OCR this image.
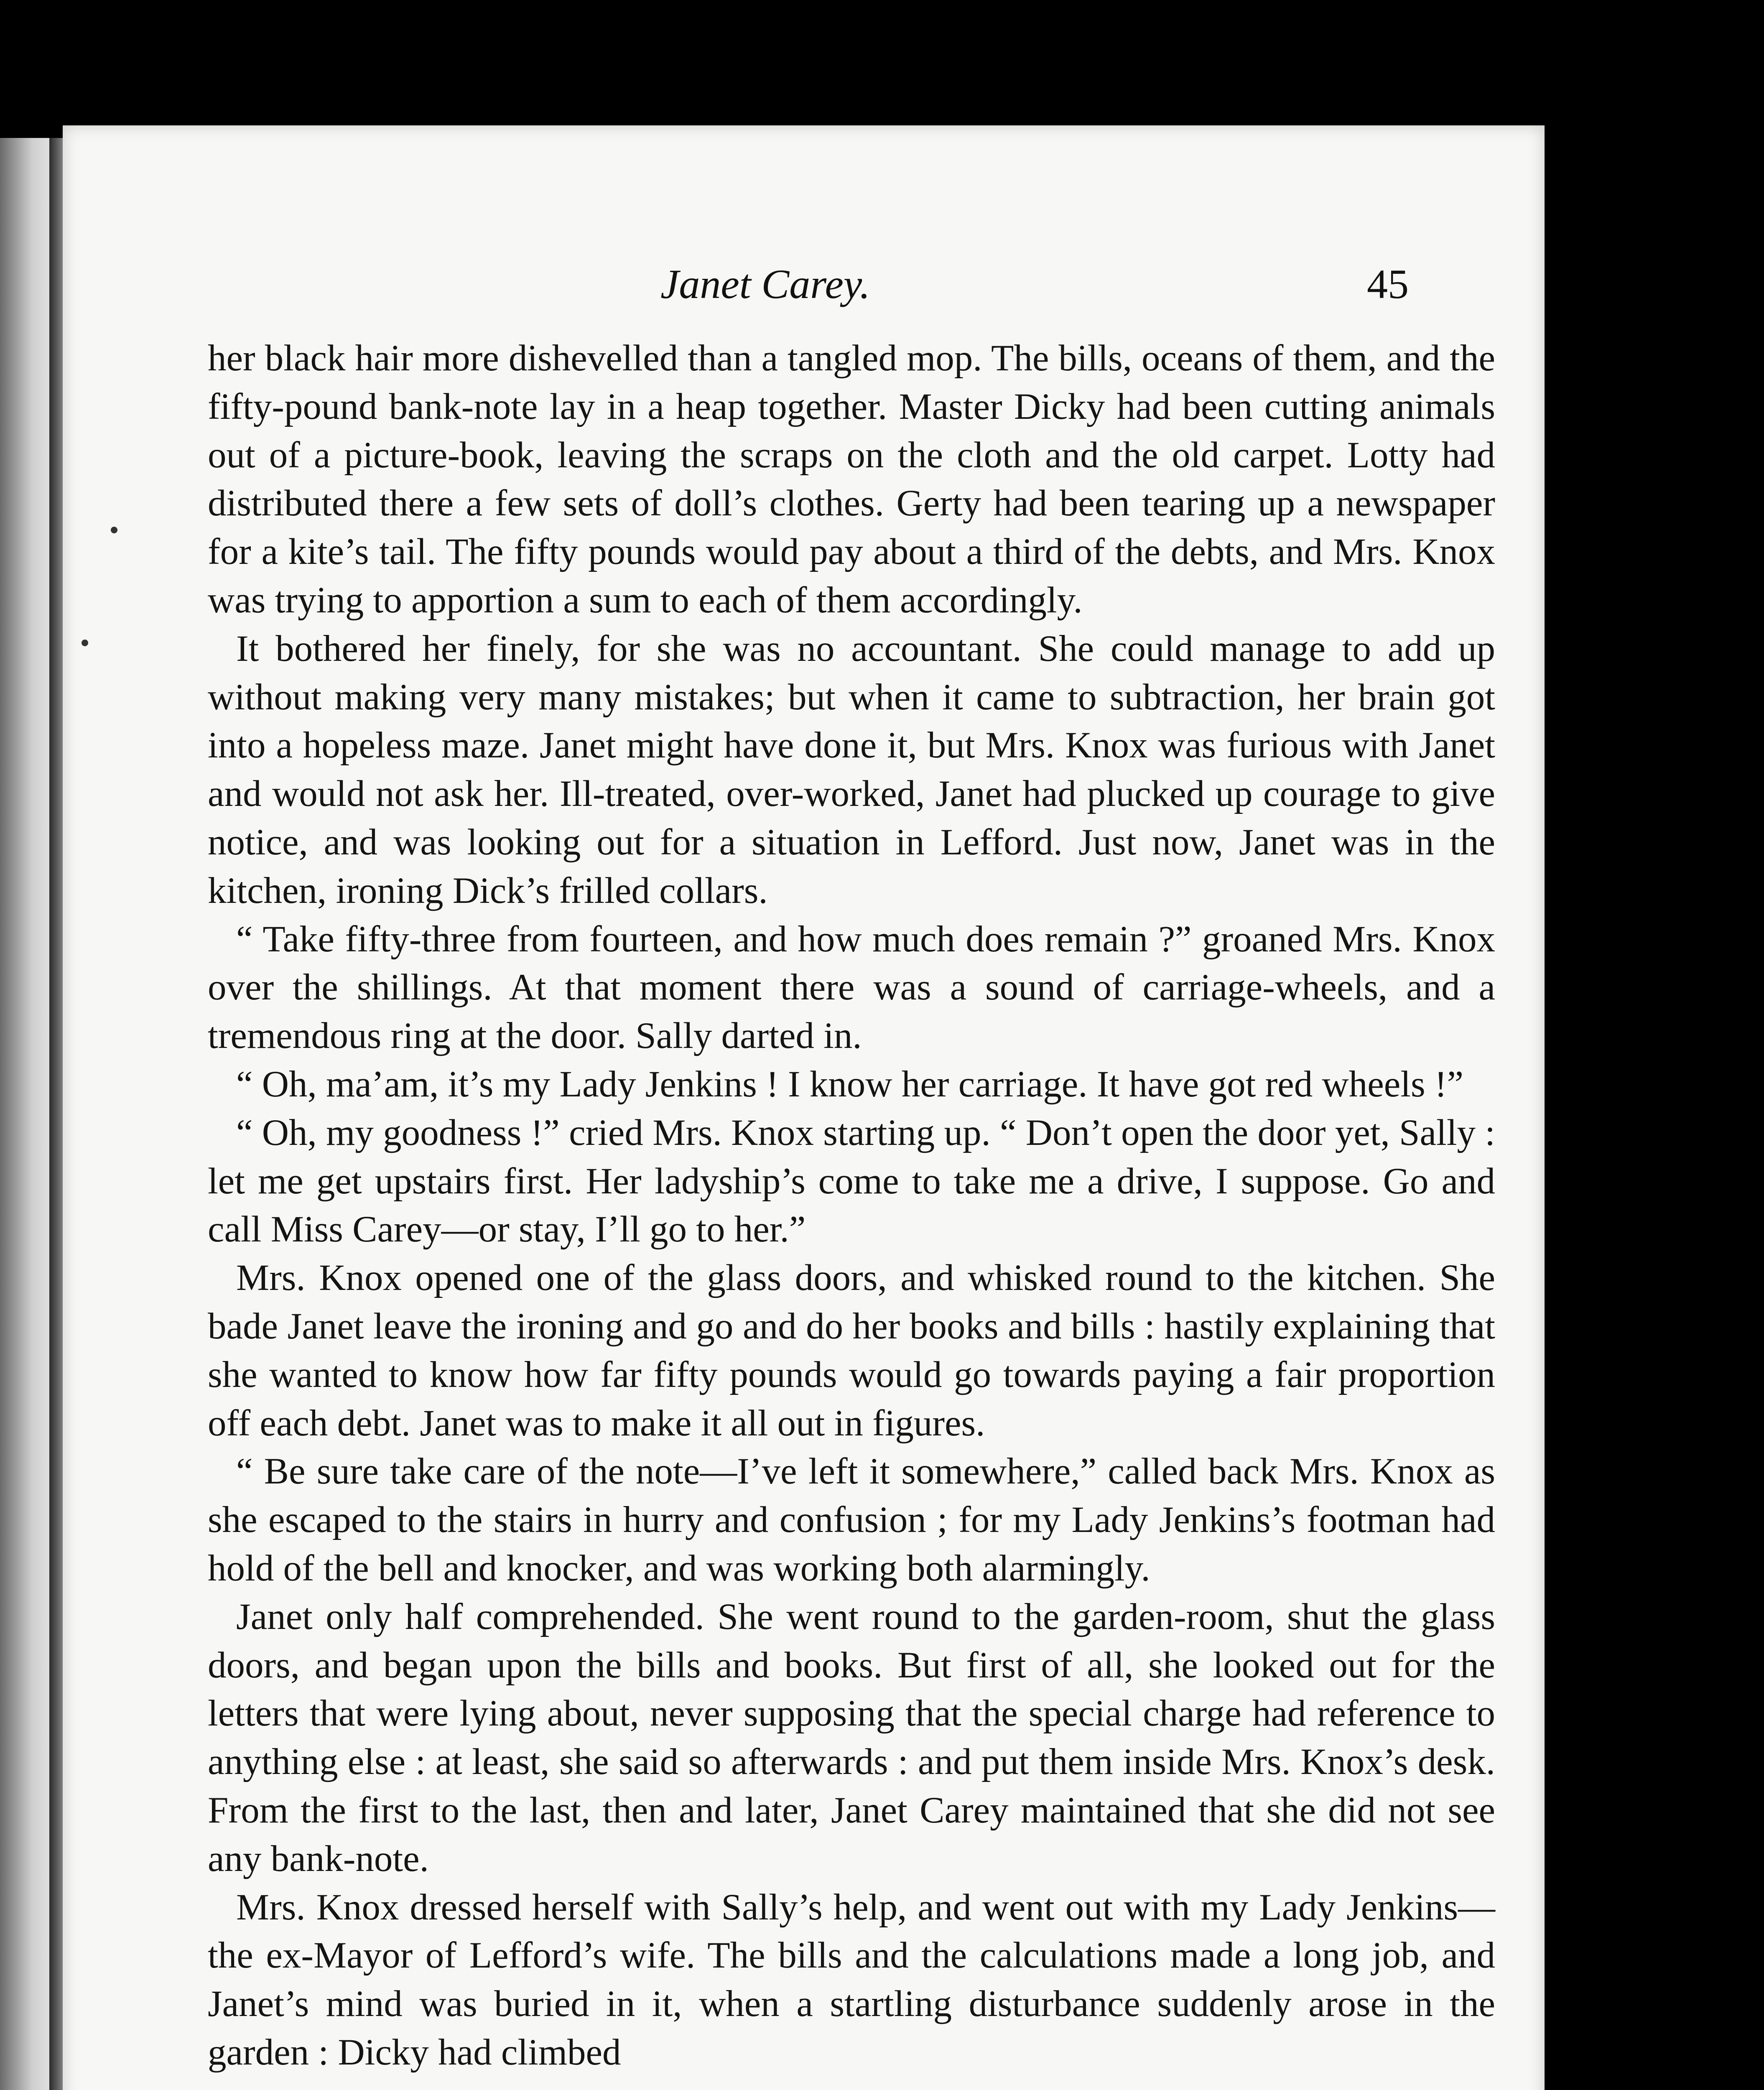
Janet Carey.	45

her black hair more dishevelled than a tangled mop. The bills, oceans of them, and the fifty-pound bank-note lay in a heap together. Master Dicky had been cutting animals out of a picture-book, leaving the scraps on the cloth and the old carpet. Lotty had distributed there a few sets of doll’s clothes. Gerty had been tearing up a newspaper for a kite’s tail. The fifty pounds would pay about a third of the debts, and Mrs. Knox was trying to apportion a sum to each of them accordingly.

It bothered her finely, for she was no accountant. She could manage to add up without making very many mistakes; but when it came to subtraction, her brain got into a hopeless maze. Janet might have done it, but Mrs. Knox was furious with Janet and would not ask her. Ill-treated, over-worked, Janet had plucked up courage to give notice, and was looking out for a situation in Lefford. Just now, Janet was in the kitchen, ironing Dick’s frilled collars.

“ Take fifty-three from fourteen, and how much does remain ?” groaned Mrs. Knox over the shillings. At that moment there was a sound of carriage-wheels, and a tremendous ring at the door. Sally darted in.

“ Oh, ma’am, it’s my Lady Jenkins ! I know her carriage. It have got red wheels !”

“ Oh, my goodness !” cried Mrs. Knox starting up. “ Don’t open the door yet, Sally : let me get upstairs first. Her ladyship’s come to take me a drive, I suppose. Go and call Miss Carey—or stay, I’ll go to her.”

Mrs. Knox opened one of the glass doors, and whisked round to the kitchen. She bade Janet leave the ironing and go and do her books and bills : hastily explaining that she wanted to know how far fifty pounds would go towards paying a fair proportion off each debt. Janet was to make it all out in figures.

“ Be sure take care of the note—I’ve left it somewhere,” called back Mrs. Knox as she escaped to the stairs in hurry and confusion ; for my Lady Jenkins’s footman had hold of the bell and knocker, and was working both alarmingly.

Janet only half comprehended. She went round to the garden-room, shut the glass doors, and began upon the bills and books. But first of all, she looked out for the letters that were lying about, never supposing that the special charge had reference to anything else : at least, she said so afterwards : and put them inside Mrs. Knox’s desk. From the first to the last, then and later, Janet Carey maintained that she did not see any bank-note.

Mrs. Knox dressed herself with Sally’s help, and went out with my Lady Jenkins—the ex-Mayor of Lefford’s wife. The bills and the calculations made a long job, and Janet’s mind was buried in it, when a startling disturbance suddenly arose in the garden : Dicky had climbed
